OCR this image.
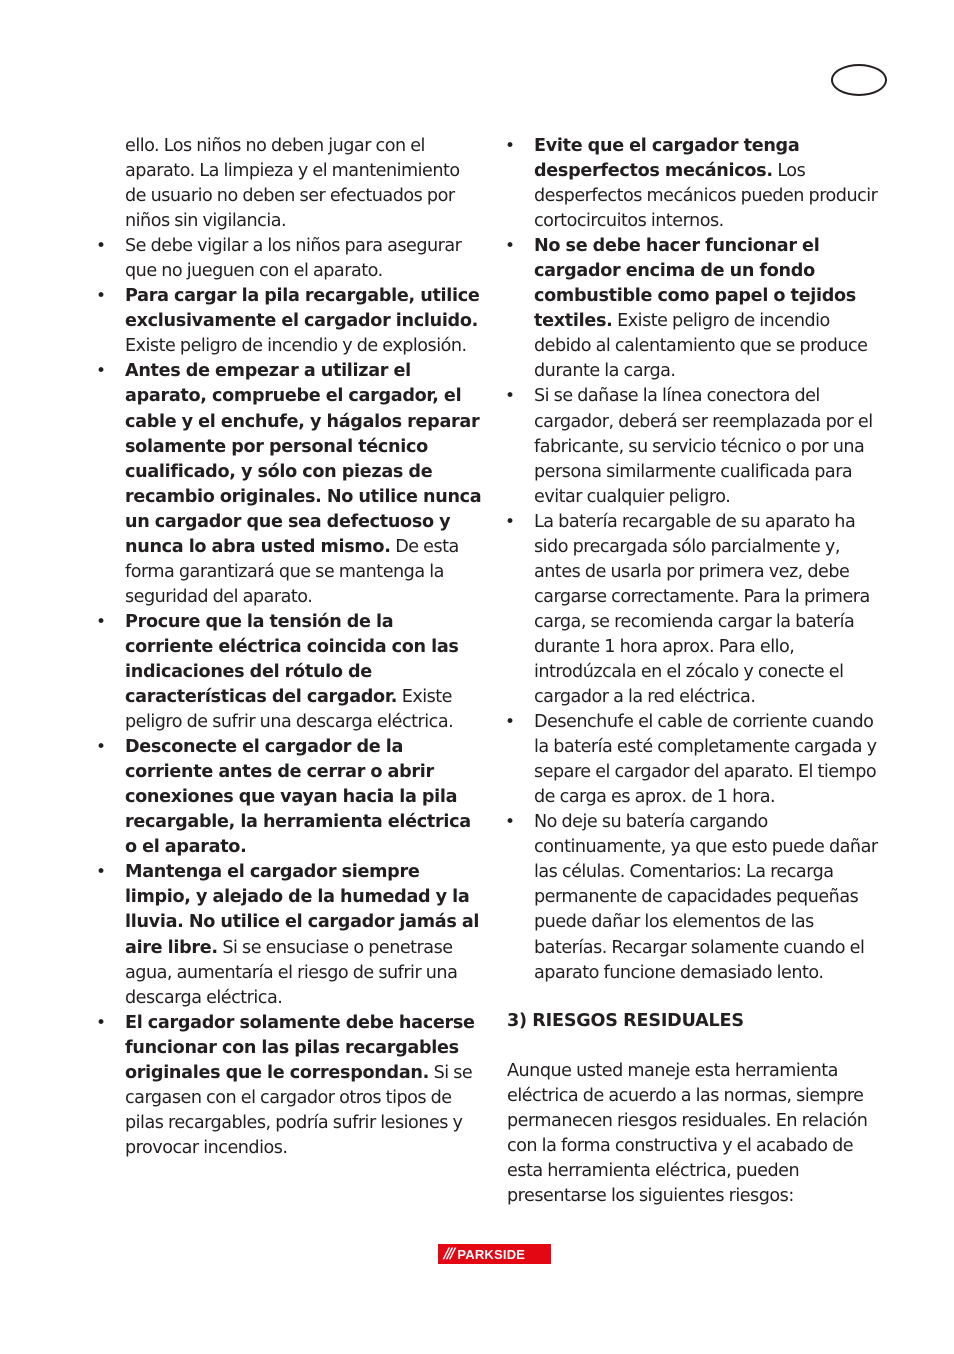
ello. Los niños no deben jugar con el aparato. La limpieza y el mantenimiento de usuario no deben ser efectuados por niños sin vigilancia.

• Se debe vigilar a los niños para asegurar que no jueguen con el aparato.

• Para cargar la pila recargable, utilice exclusivamente el cargador incluido. Existe peligro de incendio y de explosión.

• Antes de empezar a utilizar el aparato, compruebe el cargador, el cable y el enchufe, y hágalos reparar solamente por personal técnico cualificado, y sólo con piezas de recambio originales. No utilice nunca un cargador que sea defectuoso y nunca lo abra usted mismo. De esta forma garantizará que se mantenga la seguridad del aparato.

• Procure que la tensión de la corriente eléctrica coincida con las indicaciones del rótulo de características del cargador. Existe peligro de sufrir una descarga eléctrica.

• Desconecte el cargador de la corriente antes de cerrar o abrir conexiones que vayan hacia la pila recargable, la herramienta eléctrica o el aparato.

• Mantenga el cargador siempre limpio, y alejado de la humedad y la lluvia. No utilice el cargador jamás al aire libre. Si se ensuciase o penetrase agua, aumentaría el riesgo de sufrir una descarga eléctrica.

• El cargador solamente debe hacerse funcionar con las pilas recargables originales que le correspondan. Si se cargasen con el cargador otros tipos de pilas recargables, podría sufrir lesiones y provocar incendios.

• Evite que el cargador tenga desperfectos mecánicos. Los desperfectos mecánicos pueden producir cortocircuitos internos.

• No se debe hacer funcionar el cargador encima de un fondo combustible como papel o tejidos textiles. Existe peligro de incendio debido al calentamiento que se produce durante la carga.

• Si se dañase la línea conectora del cargador, deberá ser reemplazada por el fabricante, su servicio técnico o por una persona similarmente cualificada para evitar cualquier peligro.

• La batería recargable de su aparato ha sido precargada sólo parcialmente y, antes de usarla por primera vez, debe cargarse correctamente. Para la primera carga, se recomienda cargar la batería durante 1 hora aprox. Para ello, introdúzcala en el zócalo y conecte el cargador a la red eléctrica.

• Desenchufe el cable de corriente cuando la batería esté completamente cargada y separe el cargador del aparato. El tiempo de carga es aprox. de 1 hora.

• No deje su batería cargando continuamente, ya que esto puede dañar las células. Comentarios: La recarga permanente de capacidades pequeñas puede dañar los elementos de las baterías. Recargar solamente cuando el aparato funcione demasiado lento.

3) RIESGOS RESIDUALES

Aunque usted maneje esta herramienta eléctrica de acuerdo a las normas, siempre permanecen riesgos residuales. En relación con la forma constructiva y el acabado de esta herramienta eléctrica, pueden presentarse los siguientes riesgos:

/// PARKSIDE
